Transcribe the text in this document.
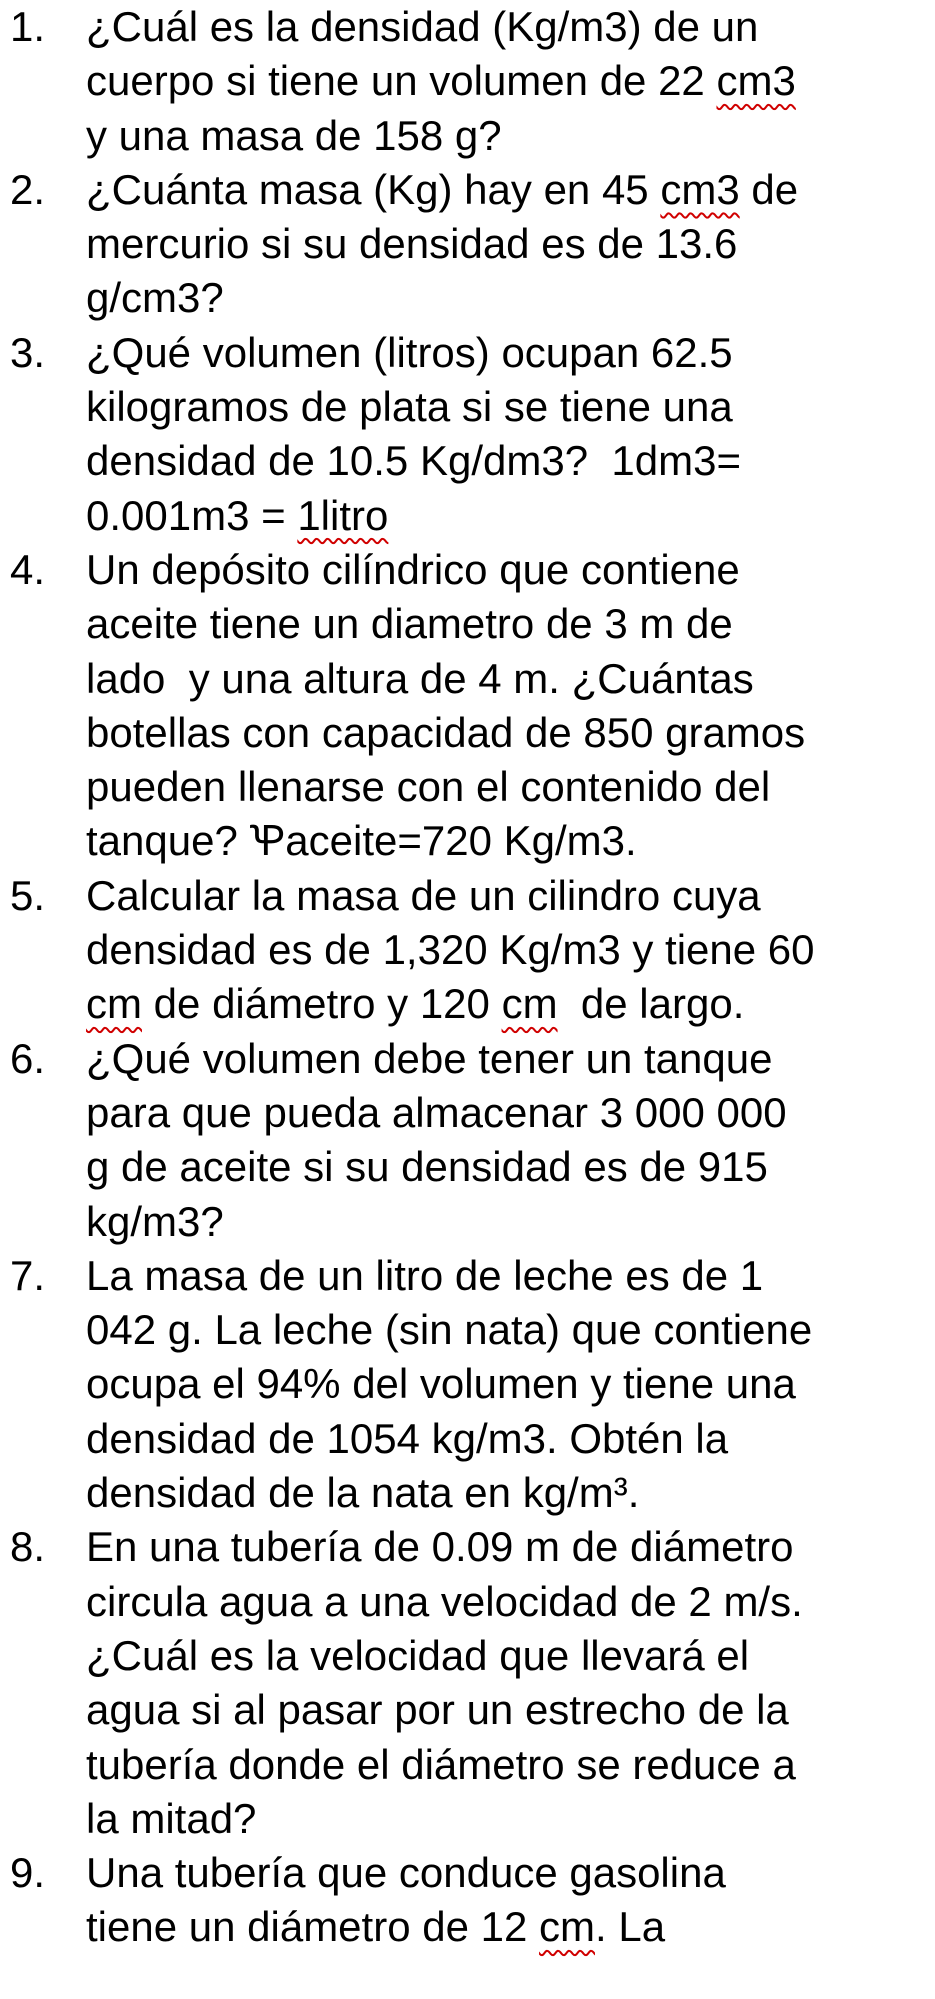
1. ¿Cuál es la densidad (Kg/m3) de un
cuerpo si tiene un volumen de 22 cm3
y una masa de 158 g?
2. ¿Cuánta masa (Kg) hay en 45 cm3 de
mercurio si su densidad es de 13.6
g/cm3?
3. ¿Qué volumen (litros) ocupan 62.5
kilogramos de plata si se tiene una
densidad de 10.5 Kg/dm3? 1dm3=
0.001m3 = 1litro
4. Un depósito cilíndrico que contiene
aceite tiene un diametro de 3 m de
lado  y una altura de 4 m. ¿Cuántas
botellas con capacidad de 850 gramos
pueden llenarse con el contenido del
tanque? Ꝕaceite=720 Kg/m3.
5. Calcular la masa de un cilindro cuya
densidad es de 1,320 Kg/m3 y tiene 60
cm de diámetro y 120 cm de largo.
6. ¿Qué volumen debe tener un tanque
para que pueda almacenar 3 000 000
g de aceite si su densidad es de 915
kg/m3?
7. La masa de un litro de leche es de 1
042 g. La leche (sin nata) que contiene
ocupa el 94% del volumen y tiene una
densidad de 1054 kg/m3. Obtén la
densidad de la nata en kg/m³.
8. En una tubería de 0.09 m de diámetro
circula agua a una velocidad de 2 m/s.
¿Cuál es la velocidad que llevará el
agua si al pasar por un estrecho de la
tubería donde el diámetro se reduce a
la mitad?
9. Una tubería que conduce gasolina
tiene un diámetro de 12 cm. La
